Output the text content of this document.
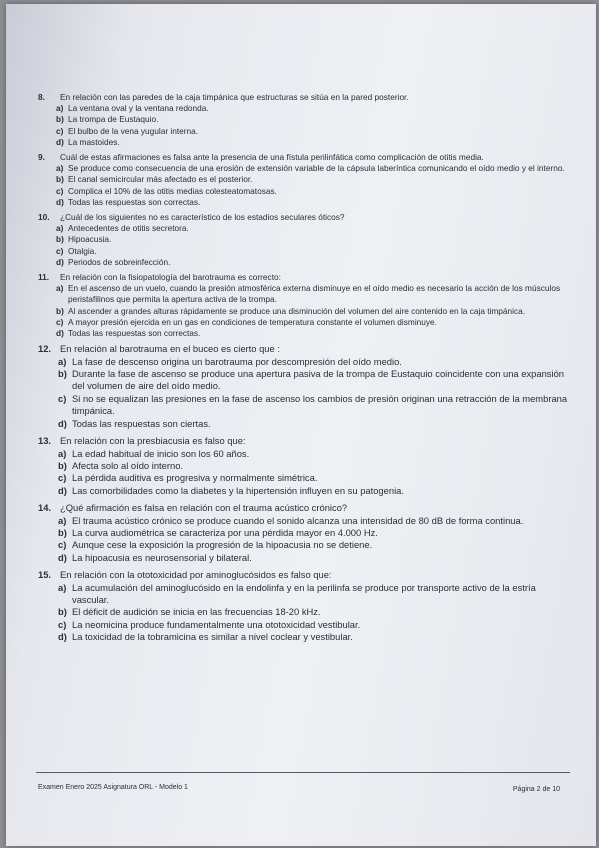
8. En relación con las paredes de la caja timpánica que estructuras se sitúa en la pared posterior.
a) La ventana oval y la ventana redonda.
b) La trompa de Eustaquio.
c) El bulbo de la vena yugular interna.
d) La mastoides.
9. Cuál de estas afirmaciones es falsa ante la presencia de una fístula perilinfática como complicación de otitis media.
a) Se produce como consecuencia de una erosión de extensión variable de la cápsula laberíntica comunicando el oído medio y el interno.
b) El canal semicircular más afectado es el posterior.
c) Complica el 10% de las otitis medias colesteatomatosas.
d) Todas las respuestas son correctas.
10. ¿Cuál de los siguientes no es característico de los estadios seculares óticos?
a) Antecedentes de otitis secretora.
b) Hipoacusia.
c) Otalgia.
d) Periodos de sobreinfección.
11. En relación con la fisiopatología del barotrauma es correcto:
a) En el ascenso de un vuelo, cuando la presión atmosférica externa disminuye en el oído medio es necesario la acción de los músculos peristafilinos que permita la apertura activa de la trompa.
b) Al ascender a grandes alturas rápidamente se produce una disminución del volumen del aire contenido en la caja timpánica.
c) A mayor presión ejercida en un gas en condiciones de temperatura constante el volumen disminuye.
d) Todas las respuestas son correctas.
12. En relación al barotrauma en el buceo es cierto que :
a) La fase de descenso origina un barotrauma por descompresión del oído medio.
b) Durante la fase de ascenso se produce una apertura pasiva de la trompa de Eustaquio coincidente con una expansión del volumen de aire del oído medio.
c) Si no se equalizan las presiones en la fase de ascenso los cambios de presión originan una retracción de la membrana timpánica.
d) Todas las respuestas son ciertas.
13. En relación con la presbiacusia es falso que:
a) La edad habitual de inicio son los 60 años.
b) Afecta solo al oído interno.
c) La pérdida auditiva es progresiva y normalmente simétrica.
d) Las comorbilidades como la diabetes y la hipertensión influyen en su patogenia.
14. ¿Qué afirmación es falsa en relación con el trauma acústico crónico?
a) El trauma acústico crónico se produce cuando el sonido alcanza una intensidad de 80 dB de forma continua.
b) La curva audiométrica se caracteriza por una pérdida mayor en 4.000 Hz.
c) Aunque cese la exposición la progresión de la hipoacusia no se detiene.
d) La hipoacusia es neurosensorial y bilateral.
15. En relación con la ototoxicidad por aminoglucósidos es falso que:
a) La acumulación del aminoglucósido en la endolinfa y en la perilinfa se produce por transporte activo de la estría vascular.
b) El déficit de audición se inicia en las frecuencias 18-20 kHz.
c) La neomicina produce fundamentalmente una ototoxicidad vestibular.
d) La toxicidad de la tobramicina es similar a nivel coclear y vestibular.
Examen Enero 2025 Asignatura ORL - Modelo 1	Página 2 de 10
